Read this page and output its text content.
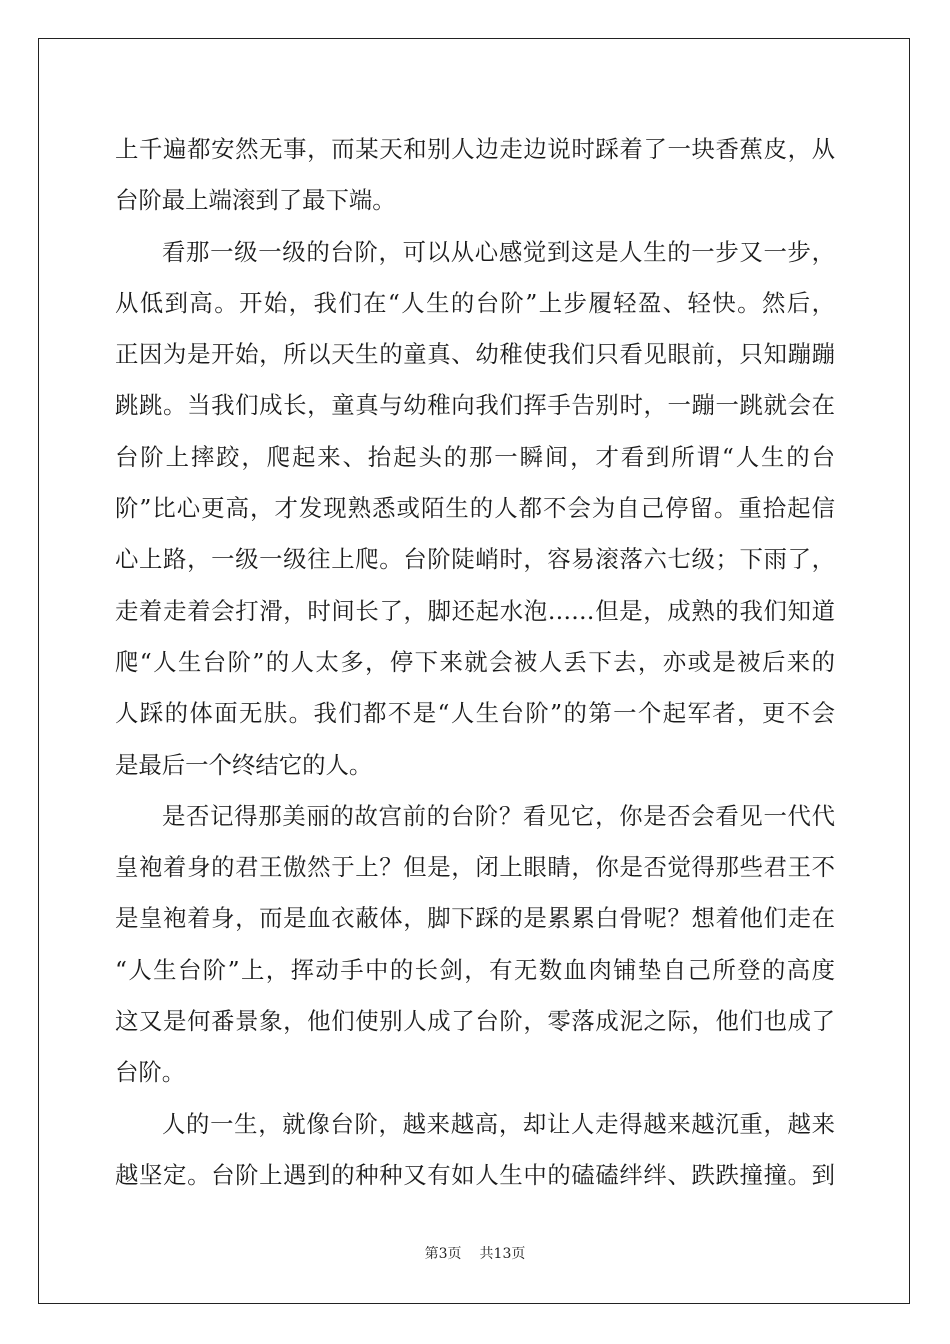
上千遍都安然无事，而某天和别人边走边说时踩着了一块香蕉皮，从
台阶最上端滚到了最下端。
看那一级一级的台阶，可以从心感觉到这是人生的一步又一步，
从低到高。开始，我们在“人生的台阶”上步履轻盈、轻快。然后，
正因为是开始，所以天生的童真、幼稚使我们只看见眼前，只知蹦蹦
跳跳。当我们成长，童真与幼稚向我们挥手告别时，一蹦一跳就会在
台阶上摔跤，爬起来、抬起头的那一瞬间，才看到所谓“人生的台
阶”比心更高，才发现熟悉或陌生的人都不会为自己停留。重拾起信
心上路，一级一级往上爬。台阶陡峭时，容易滚落六七级；下雨了，
走着走着会打滑，时间长了，脚还起水泡……但是，成熟的我们知道
爬“人生台阶”的人太多，停下来就会被人丢下去，亦或是被后来的
人踩的体面无肤。我们都不是“人生台阶”的第一个起军者，更不会
是最后一个终结它的人。
是否记得那美丽的故宫前的台阶？看见它，你是否会看见一代代
皇袍着身的君王傲然于上？但是，闭上眼睛，你是否觉得那些君王不
是皇袍着身，而是血衣蔽体，脚下踩的是累累白骨呢？想着他们走在
“人生台阶”上，挥动手中的长剑，有无数血肉铺垫自己所登的高度
这又是何番景象，他们使别人成了台阶，零落成泥之际，他们也成了
台阶。
人的一生，就像台阶，越来越高，却让人走得越来越沉重，越来
越坚定。台阶上遇到的种种又有如人生中的磕磕绊绊、跌跌撞撞。到
第3页 共13页
